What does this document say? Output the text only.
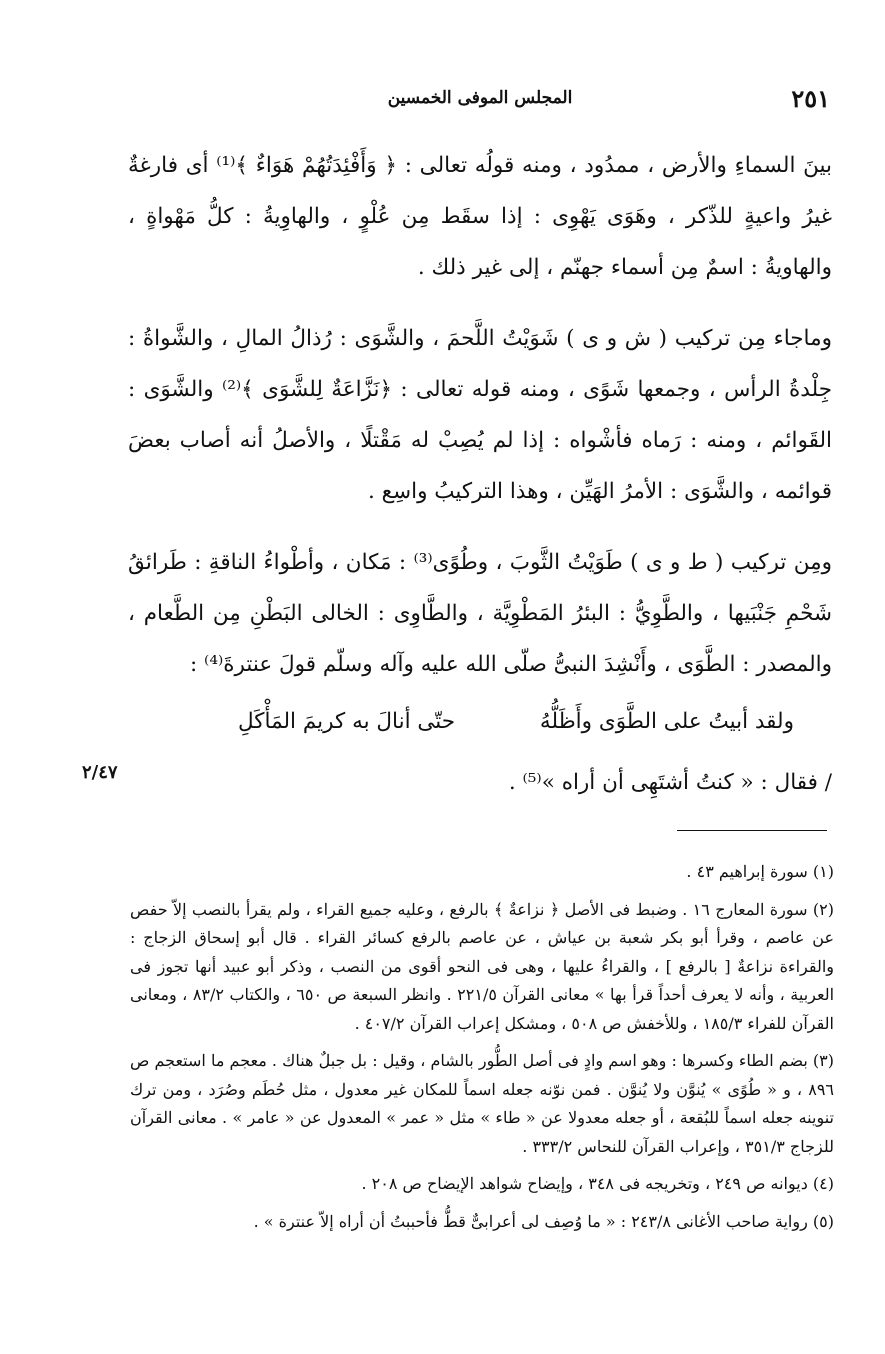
٢٥١
المجلس الموفى الخمسين

بينَ السماءِ والأرض ، ممدُود ، ومنه قولُه تعالى : ﴿ وَأَفْئِدَتُهُمْ هَوَاءٌ ﴾⁽¹⁾ أى فارغةٌ غيرُ واعيةٍ للذّكر ، وهَوَى يَهْوِى : إذا سقَط مِن عُلْوٍ ، والهاوِيةُ : كلُّ مَهْواةٍ ، والهاويةُ : اسمٌ مِن أسماء جهنّم ، إلى غير ذلك .

وماجاء مِن تركيب ( ش و ى ) شَوَيْتُ اللَّحمَ ، والشَّوَى : رُذالُ المالِ ، والشَّواةُ : جِلْدةُ الرأس ، وجمعها شَوًى ، ومنه قوله تعالى : ﴿نَزَّاعَةٌ لِلشَّوَى ﴾⁽²⁾ والشَّوَى : القَوائم ، ومنه : رَماه فأشْواه : إذا لم يُصِبْ له مَقْتلًا ، والأصلُ أنه أصاب بعضَ قوائمه ، والشَّوَى : الأمرُ الهَيِّن ، وهذا التركيبُ واسِع .

ومِن تركيب ( ط و ى ) طَوَيْتُ الثَّوبَ ، وطُوًى⁽³⁾ : مَكان ، وأطْواءُ الناقةِ : طَرائقُ شَحْمِ جَنْبَيها ، والطَّوِيُّ : البئرُ المَطْوِيَّة ، والطَّاوِى : الخالى البَطْنِ مِن الطَّعام ، والمصدر : الطَّوَى ، وأَنْشِدَ النبىُّ صلّى الله عليه وآله وسلّم قولَ عنترةَ⁽⁴⁾ :

ولقد أبيتُ على الطَّوَى وأَظَلُّهُ
حتّى أنالَ به كريمَ المَأْكَلِ

/ فقال : « كنتُ أشتَهِى أن أراه »⁽⁵⁾ .

٢/٤٧

(١) سورة إبراهيم ٤٣ .

(٢) سورة المعارج ١٦ . وضبط فى الأصل ﴿ نزاعةٌ ﴾ بالرفع ، وعليه جميع القراء ، ولم يقرأ بالنصب إلاّ حفص عن عاصم ، وقرأ أبو بكر شعبة بن عياش ، عن عاصم بالرفع كسائر القراء . قال أبو إسحاق الزجاج : والقراءة نزاعةٌ [ بالرفع ] ، والقراءُ عليها ، وهى فى النحو أقوى من النصب ، وذكر أبو عبيد أنها تجوز فى العربية ، وأنه لا يعرف أحداً قرأ بها » معانى القرآن ٢٢١/٥ . وانظر السبعة ص ٦٥٠ ، والكتاب ٨٣/٢ ، ومعانى القرآن للفراء ١٨٥/٣ ، وللأخفش ص ٥٠٨ ، ومشكل إعراب القرآن ٤٠٧/٢ .

(٣) بضم الطاء وكسرها : وهو اسم وادٍ فى أصل الطُّور بالشام ، وقيل : بل جبلٌ هناك . معجم ما استعجم ص ٨٩٦ ، و « طُوًى » يُنوَّن ولا يُنوَّن . فمن نوّنه جعله اسماً للمكان غير معدول ، مثل حُطَم وصُرَد ، ومن ترك تنوينه جعله اسماً للبُقعة ، أو جعله معدولا عن « طاء » مثل « عمر » المعدول عن « عامر » . معانى القرآن للزجاج ٣٥١/٣ ، وإعراب القرآن للنحاس ٣٣٣/٢ .

(٤) ديوانه ص ٢٤٩ ، وتخريجه فى ٣٤٨ ، وإيضاح شواهد الإيضاح ص ٢٠٨ .

(٥) رواية صاحب الأغانى ٢٤٣/٨ : « ما وُصِف لى أعرابىٌّ قطُّ فأحببتُ أن أراه إلاّ عنترة » .
